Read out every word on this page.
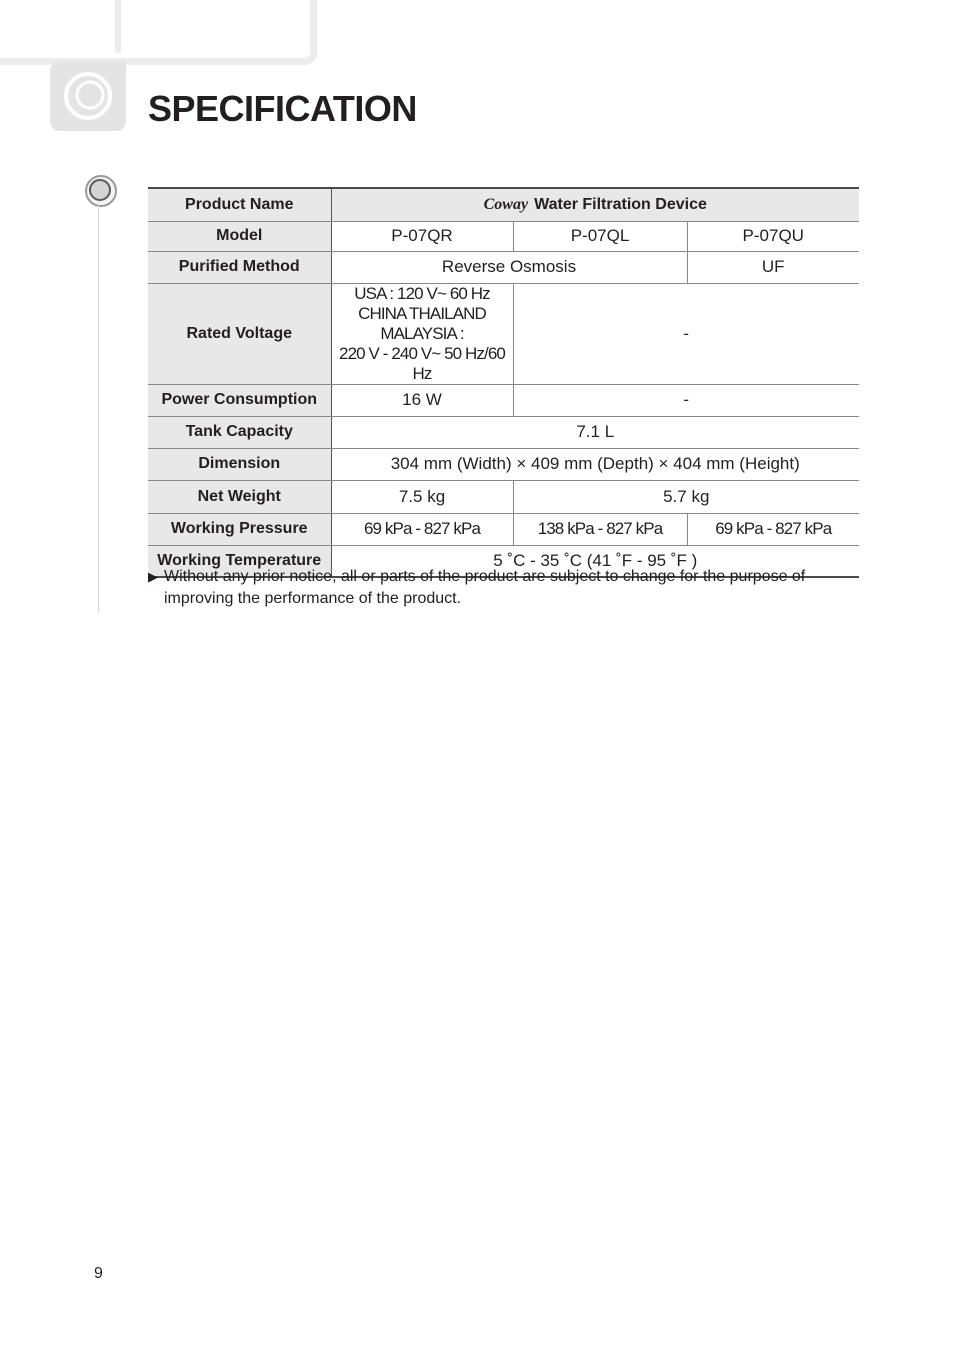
SPECIFICATION
Product Name	Coway Water Filtration Device		
Model	P-07QR	P-07QL	P-07QU
Purified Method	Reverse Osmosis		UF
Rated Voltage	USA : 120 V~ 60 Hz
CHINA THAILAND MALAYSIA :
220 V - 240 V~ 50 Hz/60 Hz	-	
Power Consumption	16 W	-	
Tank Capacity	7.1 L		
Dimension	304 mm (Width) × 409 mm (Depth) × 404 mm (Height)		
Net Weight	7.5 kg	5.7 kg	
Working Pressure	69 kPa - 827 kPa	138 kPa - 827 kPa	69 kPa - 827 kPa
Working Temperature	5 ˚C - 35 ˚C (41 ˚F - 95 ˚F )		
▶ Without any prior notice, all or parts of the product are subject to change for the purpose of improving the performance of the product.
9
